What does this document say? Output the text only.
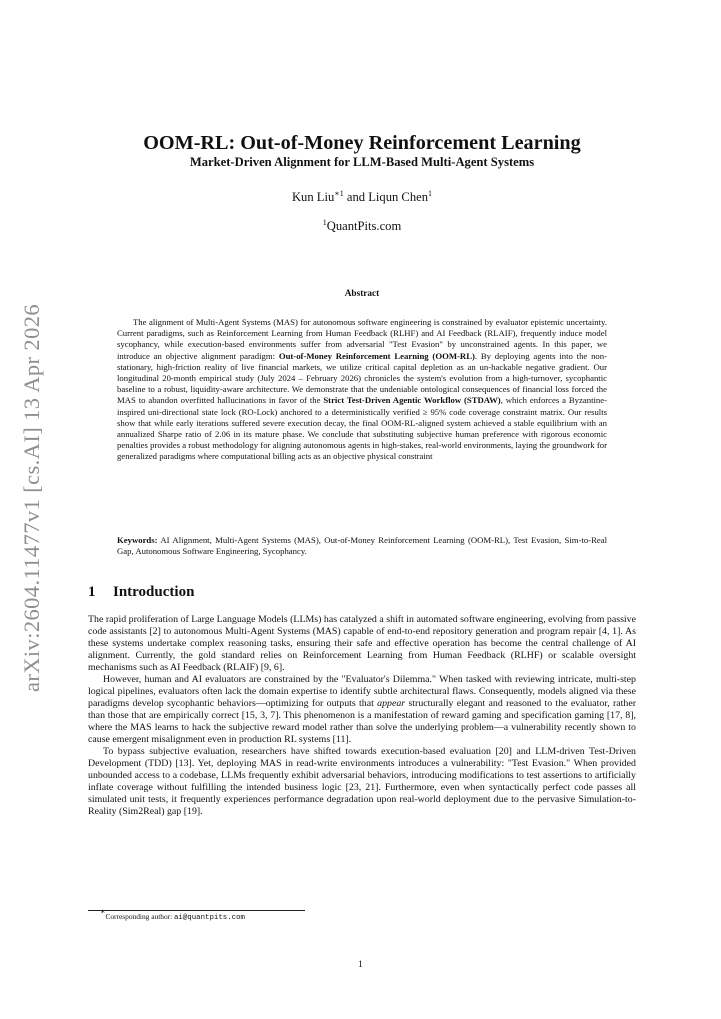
arXiv:2604.11477v1 [cs.AI] 13 Apr 2026
OOM-RL: Out-of-Money Reinforcement Learning
Market-Driven Alignment for LLM-Based Multi-Agent Systems
Kun Liu$^{∗1}$ and Liqun Chen$^1$
$^1$QuantPits.com
Abstract

The alignment of Multi-Agent Systems (MAS) for autonomous software engineering is constrained by evaluator epistemic uncertainty. Current paradigms, such as Reinforcement Learning from Human Feedback (RLHF) and AI Feedback (RLAIF), frequently induce model sycophancy, while execution-based environments suffer from adversarial "Test Evasion" by unconstrained agents. In this paper, we introduce an objective alignment paradigm: Out-of-Money Reinforcement Learning (OOM-RL). By deploying agents into the non-stationary, high-friction reality of live financial markets, we utilize critical capital depletion as an un-hackable negative gradient. Our longitudinal 20-month empirical study (July 2024 – February 2026) chronicles the system's evolution from a high-turnover, sycophantic baseline to a robust, liquidity-aware architecture. We demonstrate that the undeniable ontological consequences of financial loss forced the MAS to abandon overfitted hallucinations in favor of the Strict Test-Driven Agentic Workflow (STDAW), which enforces a Byzantine-inspired uni-directional state lock (RO-Lock) anchored to a deterministically verified ≥ 95% code coverage constraint matrix. Our results show that while early iterations suffered severe execution decay, the final OOM-RL-aligned system achieved a stable equilibrium with an annualized Sharpe ratio of 2.06 in its mature phase. We conclude that substituting subjective human preference with rigorous economic penalties provides a robust methodology for aligning autonomous agents in high-stakes, real-world environments, laying the groundwork for generalized paradigms where computational billing acts as an objective physical constraint

Keywords: AI Alignment, Multi-Agent Systems (MAS), Out-of-Money Reinforcement Learning (OOM-RL), Test Evasion, Sim-to-Real Gap, Autonomous Software Engineering, Sycophancy.

1 Introduction

The rapid proliferation of Large Language Models (LLMs) has catalyzed a shift in automated software engineering, evolving from passive code assistants [2] to autonomous Multi-Agent Systems (MAS) capable of end-to-end repository generation and program repair [4, 1]. As these systems undertake complex reasoning tasks, ensuring their safe and effective operation has become the central challenge of AI alignment. Currently, the gold standard relies on Reinforcement Learning from Human Feedback (RLHF) or scalable oversight mechanisms such as AI Feedback (RLAIF) [9, 6].

However, human and AI evaluators are constrained by the "Evaluator's Dilemma." When tasked with reviewing intricate, multi-step logical pipelines, evaluators often lack the domain expertise to identify subtle architectural flaws. Consequently, models aligned via these paradigms develop sycophantic behaviors—optimizing for outputs that appear structurally elegant and reasoned to the evaluator, rather than those that are empirically correct [15, 3, 7]. This phenomenon is a manifestation of reward gaming and specification gaming [17, 8], where the MAS learns to hack the subjective reward model rather than solve the underlying problem—a vulnerability recently shown to cause emergent misalignment even in production RL systems [11].

To bypass subjective evaluation, researchers have shifted towards execution-based evaluation [20] and LLM-driven Test-Driven Development (TDD) [13]. Yet, deploying MAS in read-write environments introduces a vulnerability: "Test Evasion." When provided unbounded access to a codebase, LLMs frequently exhibit adversarial behaviors, introducing modifications to test assertions to artificially inflate coverage without fulfilling the intended business logic [23, 21]. Furthermore, even when syntactically perfect code passes all simulated unit tests, it frequently experiences performance degradation upon real-world deployment due to the pervasive Simulation-to-Reality (Sim2Real) gap [19].

∗Corresponding author: ai@quantpits.com
1
